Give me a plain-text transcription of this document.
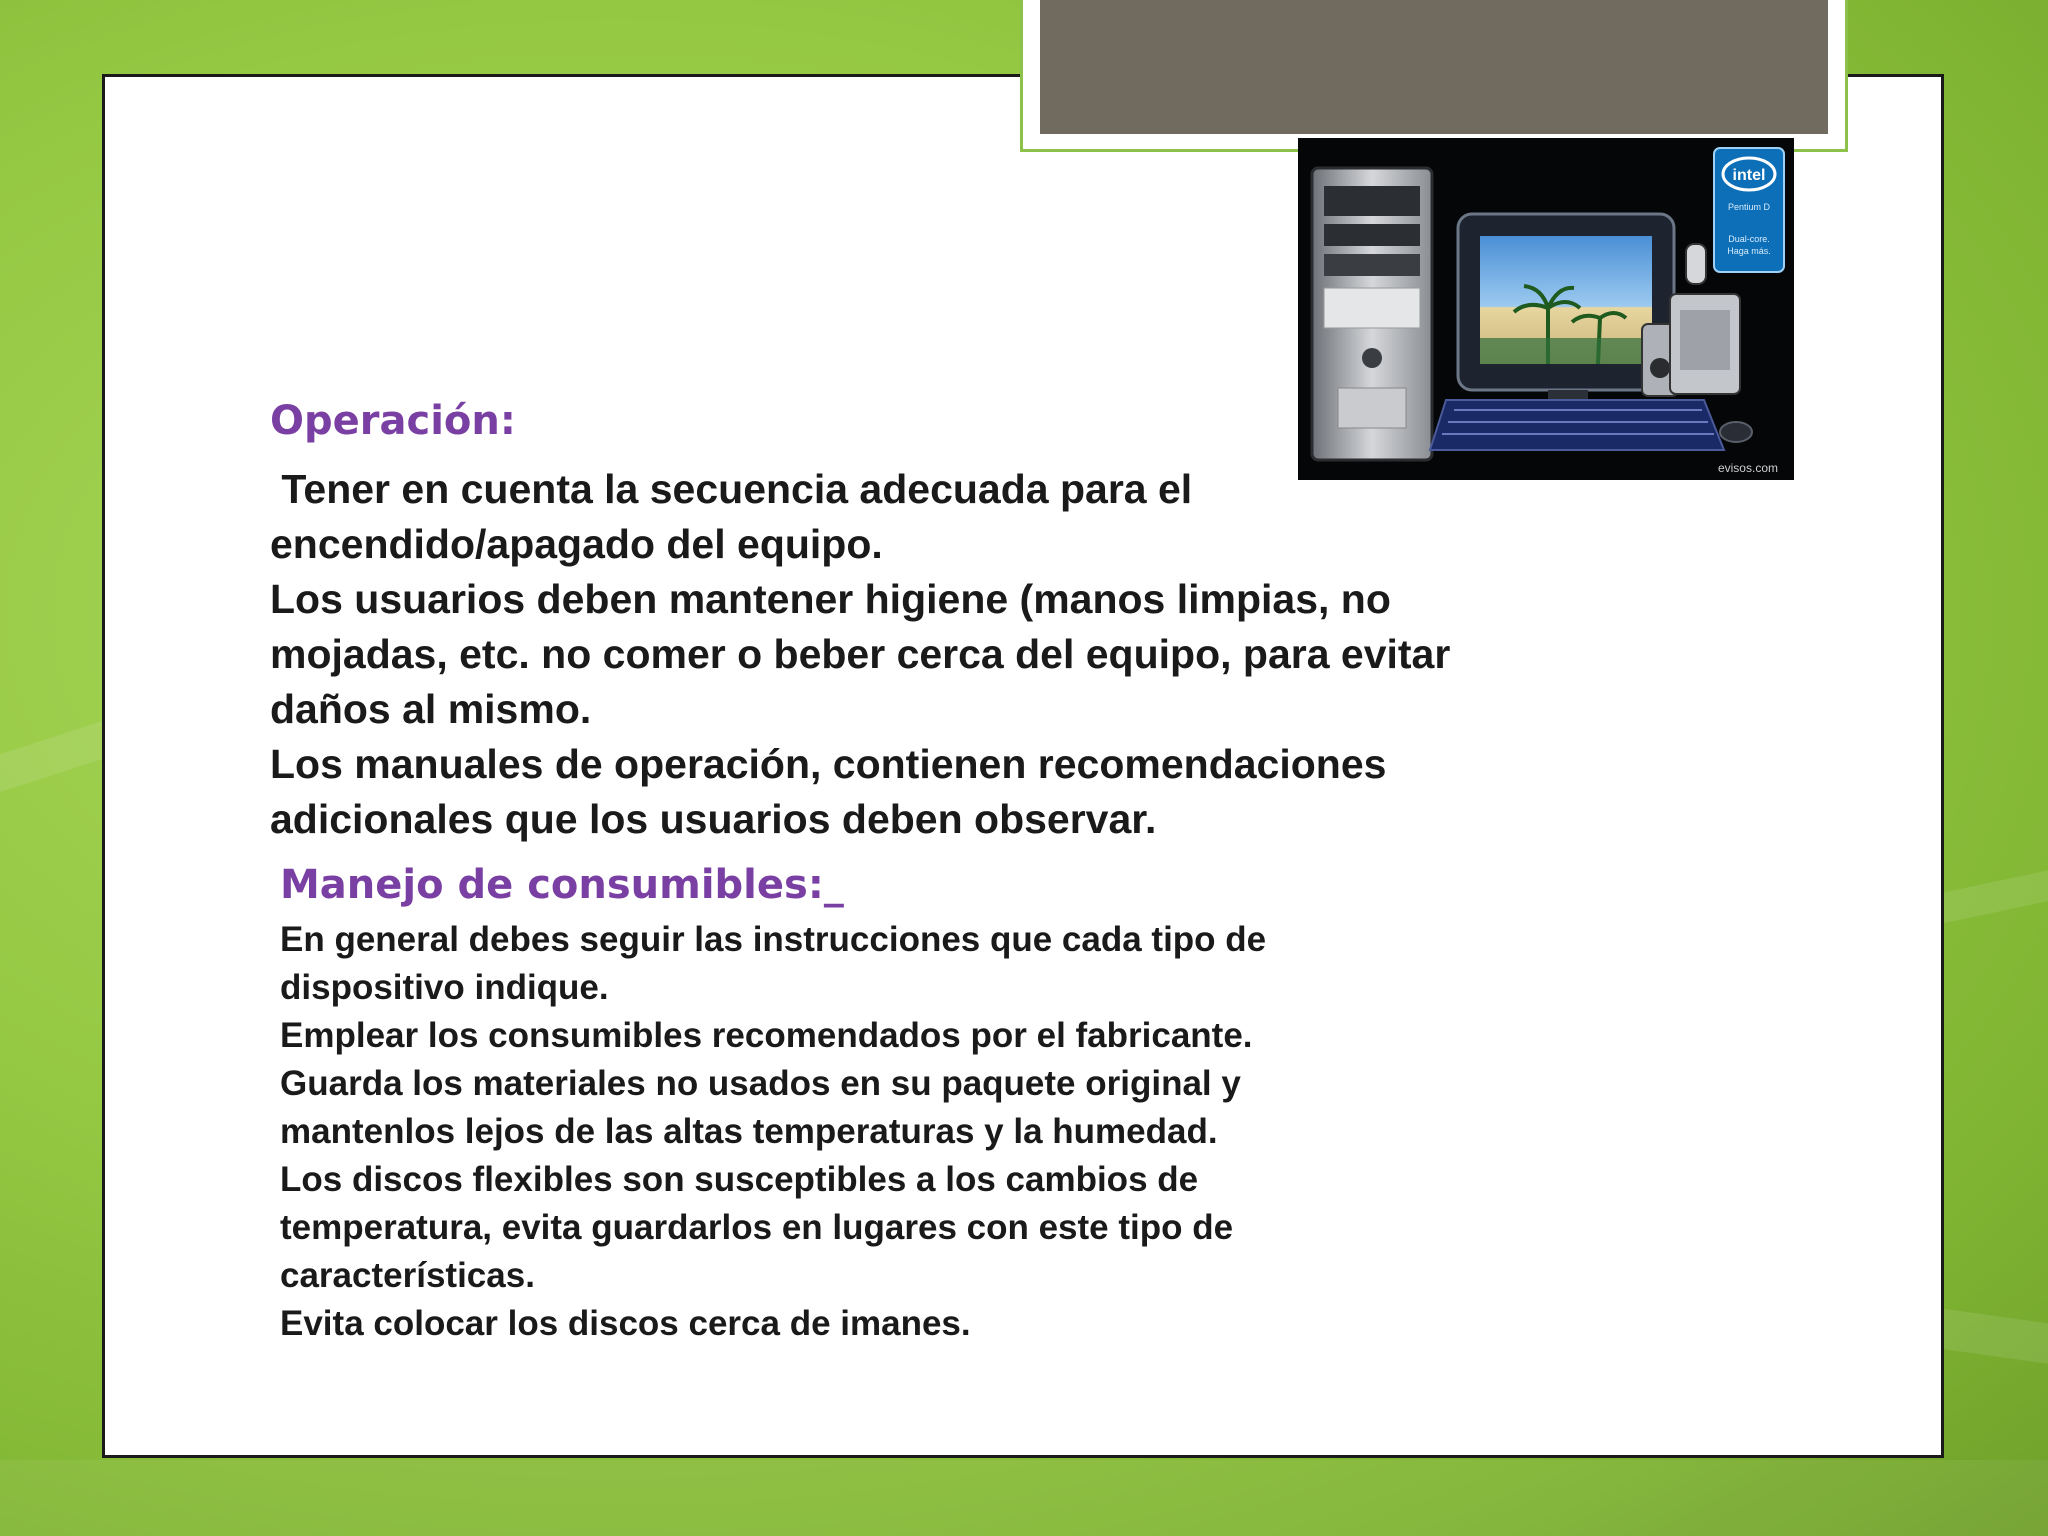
intel
Pentium D
Dual-core.
Haga más.
evisos.com
Operación:
Tener en cuenta la secuencia adecuada para el
encendido/apagado del equipo.
Los usuarios deben mantener higiene (manos limpias, no
mojadas, etc. no comer o beber cerca del equipo, para evitar
daños al mismo.
Los manuales de operación, contienen recomendaciones
adicionales que los usuarios deben observar.
Manejo de consumibles:_
En general debes seguir las instrucciones que cada tipo de
dispositivo indique.
Emplear los consumibles recomendados por el fabricante.
Guarda los materiales no usados en su paquete original y
mantenlos lejos de las altas temperaturas y la humedad.
Los discos flexibles son susceptibles a los cambios de
temperatura, evita guardarlos en lugares con este tipo de
características.
Evita colocar los discos cerca de imanes.
